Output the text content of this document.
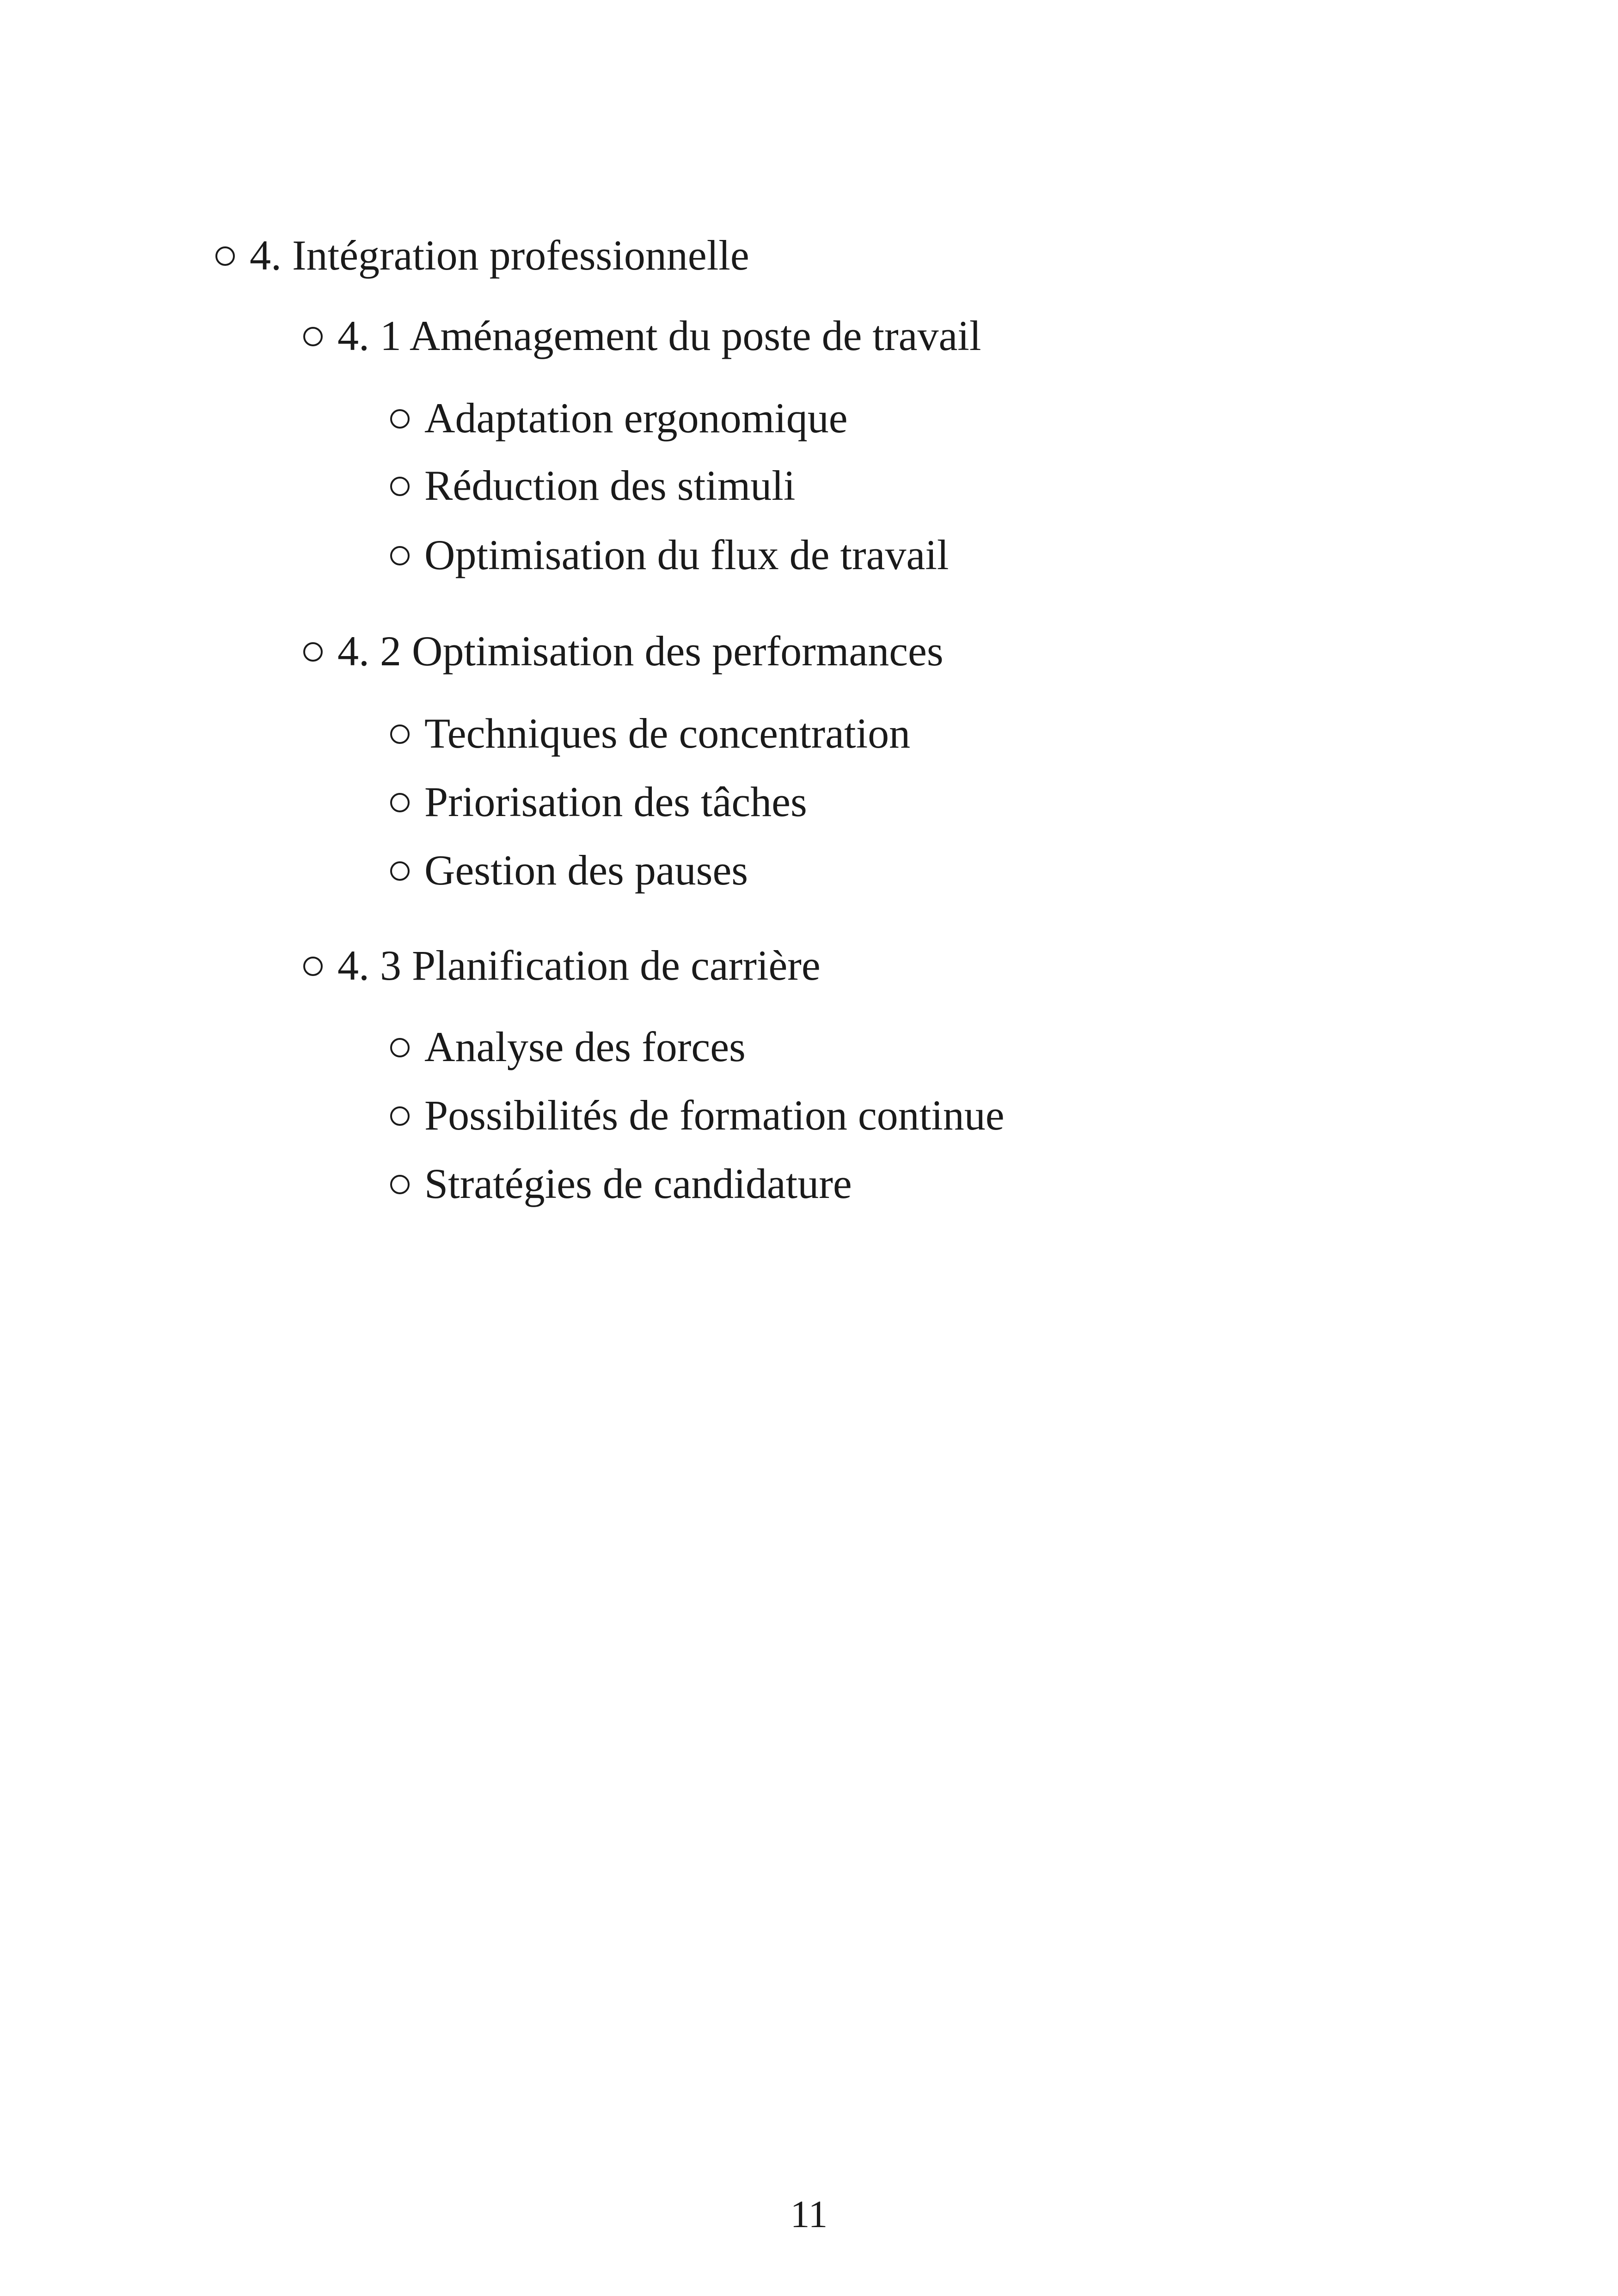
4. Intégration professionnelle
4. 1 Aménagement du poste de travail
Adaptation ergonomique
Réduction des stimuli
Optimisation du flux de travail
4. 2 Optimisation des performances
Techniques de concentration
Priorisation des tâches
Gestion des pauses
4. 3 Planification de carrière
Analyse des forces
Possibilités de formation continue
Stratégies de candidature
11
